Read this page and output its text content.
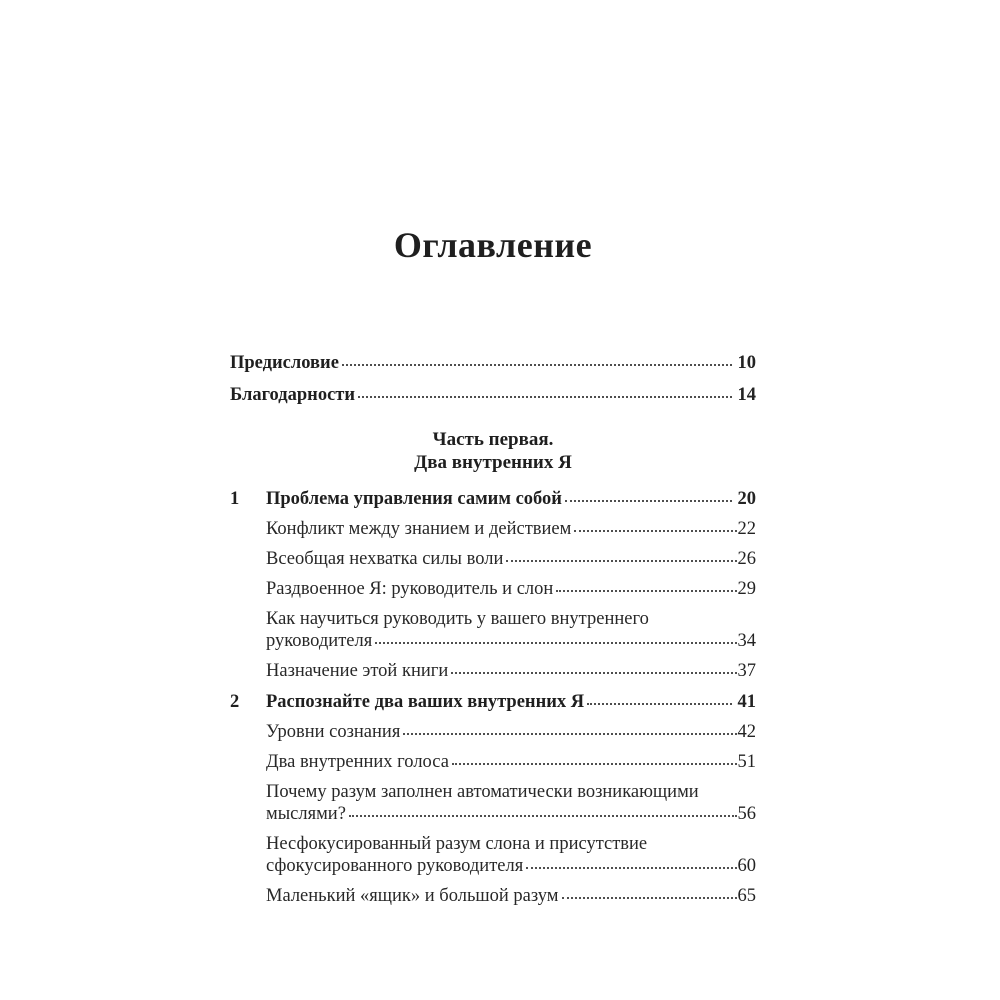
Оглавление
Предисловие	10
Благодарности	14
Часть первая.
Два внутренних Я
1	Проблема управления самим собой	20
Конфликт между знанием и действием	22
Всеобщая нехватка силы воли	26
Раздвоенное Я: руководитель и слон	29
Как научиться руководить у вашего внутреннего
руководителя	34
Назначение этой книги	37
2	Распознайте два ваших внутренних Я	41
Уровни сознания	42
Два внутренних голоса	51
Почему разум заполнен автоматически возникающими
мыслями?	56
Несфокусированный разум слона и присутствие
сфокусированного руководителя	60
Маленький «ящик» и большой разум	65
